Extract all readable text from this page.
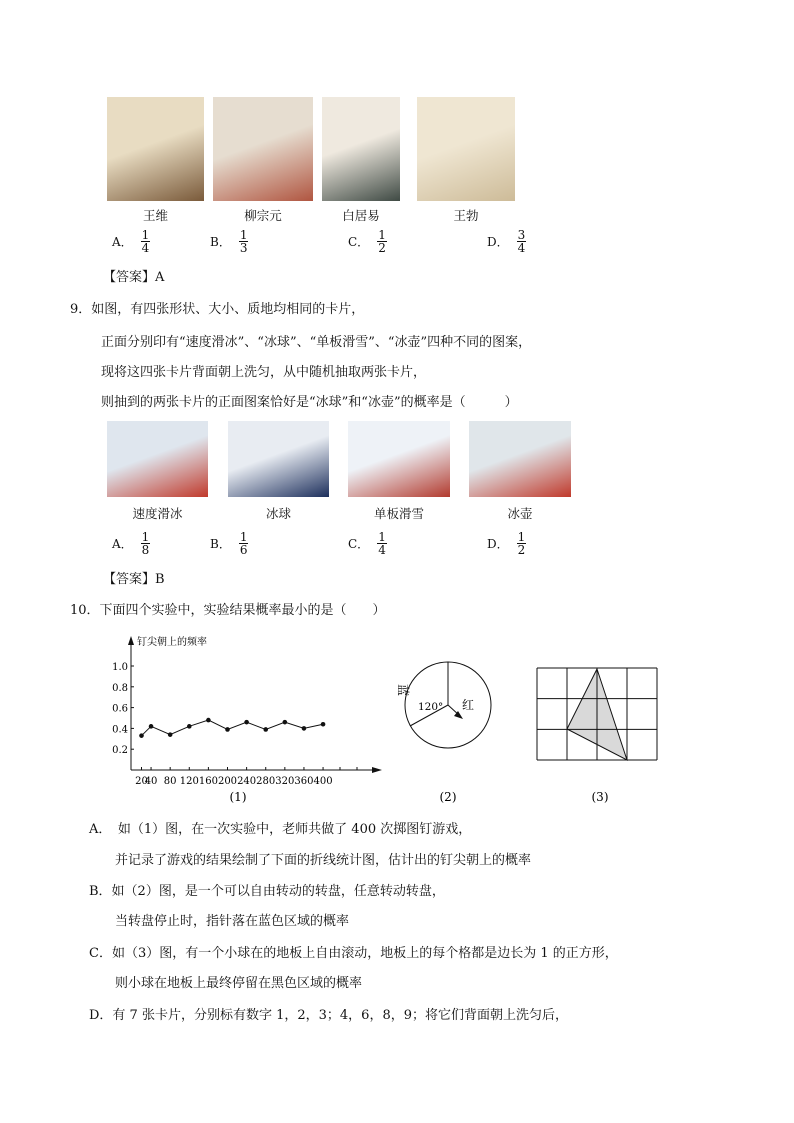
王维	柳宗元	白居易	王勃
A． $\frac{1}{4}$	B． $\frac{1}{3}$	C． $\frac{1}{2}$	D． $\frac{3}{4}$
【答案】A
9．如图，有四张形状、大小、质地均相同的卡片，
正面分别印有“速度滑冰”、“冰球”、“单板滑雪”、“冰壶”四种不同的图案，
现将这四张卡片背面朝上洗匀，从中随机抽取两张卡片，
则抽到的两张卡片的正面图案恰好是“冰球”和“冰壶”的概率是（　　　）
速度滑冰	冰球	单板滑雪	冰壶
A． $\frac{1}{8}$	B． $\frac{1}{6}$	C． $\frac{1}{4}$	D． $\frac{1}{2}$
【答案】B
10．下面四个实验中，实验结果概率最小的是（　　）
钉尖朝上的频率
0.2
0.4
0.6
0.8
1.0
20
40 80 120 160 200 240 280 320 360 400
蓝
120° 红
(1)	(2)	(3)
A．　如（1）图，在一次实验中，老师共做了 400 次掷图钉游戏，
并记录了游戏的结果绘制了下面的折线统计图，估计出的钉尖朝上的概率
B．如（2）图，是一个可以自由转动的转盘，任意转动转盘，
当转盘停止时，指针落在蓝色区域的概率
C．如（3）图，有一个小球在的地板上自由滚动，地板上的每个格都是边长为 1 的正方形，
则小球在地板上最终停留在黑色区域的概率
D．有 7 张卡片，分别标有数字 1，2，3；4，6，8，9；将它们背面朝上洗匀后，
